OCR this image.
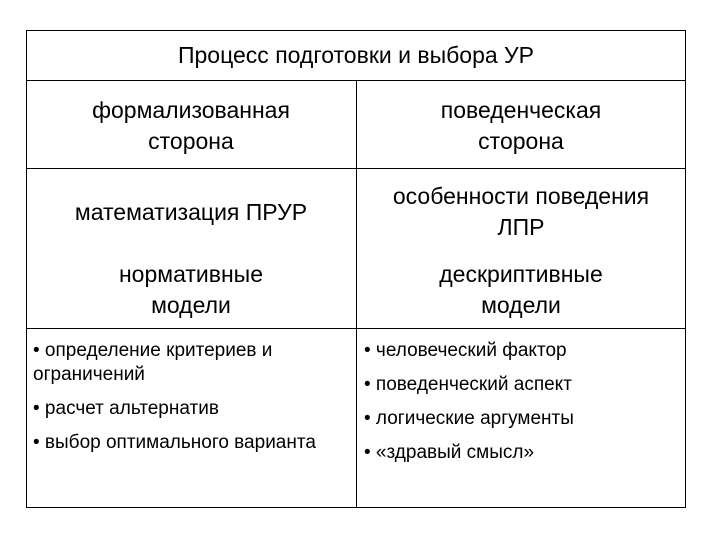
Процесс подготовки и выбора УР
формализованная
сторона
поведенческая
сторона
математизация ПРУР
особенности поведения
ЛПР
нормативные
модели
дескриптивные
модели
• определение критериев и ограничений
• расчет альтернатив
• выбор оптимального варианта
• человеческий фактор
• поведенческий аспект
• логические аргументы
• «здравый смысл»
